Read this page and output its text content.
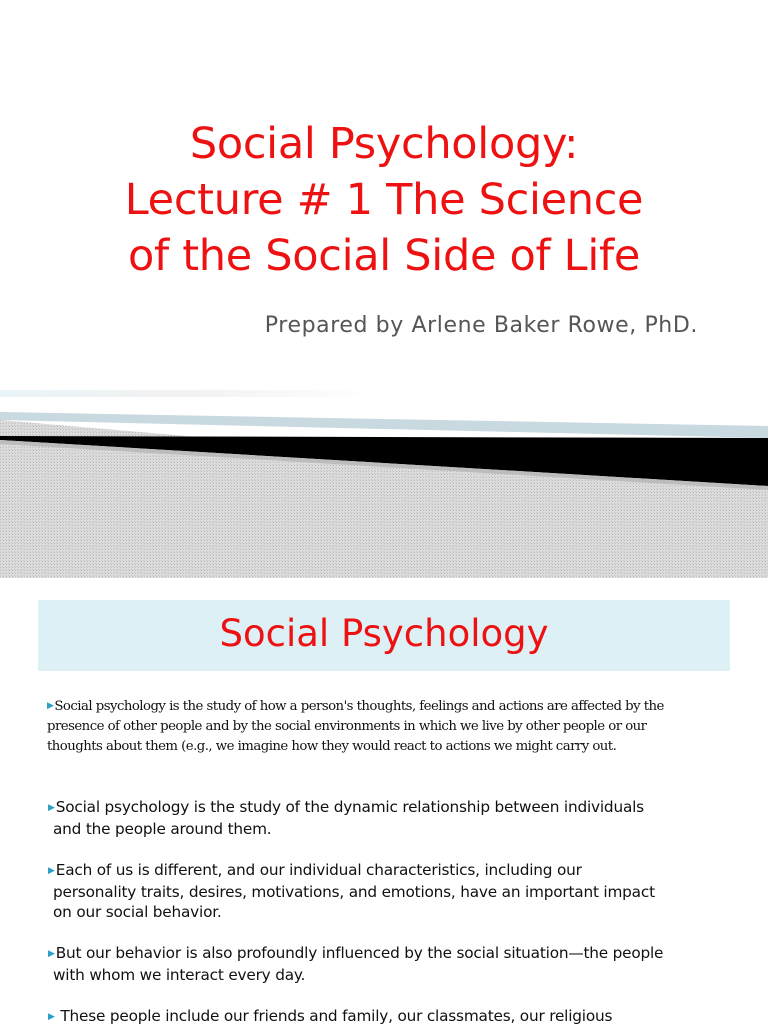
Social Psychology:
Lecture # 1 The Science
of the Social Side of Life
Prepared by Arlene Baker Rowe, PhD.
Social Psychology
▶Social psychology is the study of how a person's thoughts, feelings and actions are affected by the
presence of other people and by the social environments in which we live by other people or our
thoughts about them (e.g., we imagine how they would react to actions we might carry out.
▶Social psychology is the study of the dynamic relationship between individuals
and the people around them.
▶Each of us is different, and our individual characteristics, including our
personality traits, desires, motivations, and emotions, have an important impact
on our social behavior.
▶But our behavior is also profoundly influenced by the social situation—the people
with whom we interact every day.
▶ These people include our friends and family, our classmates, our religious
